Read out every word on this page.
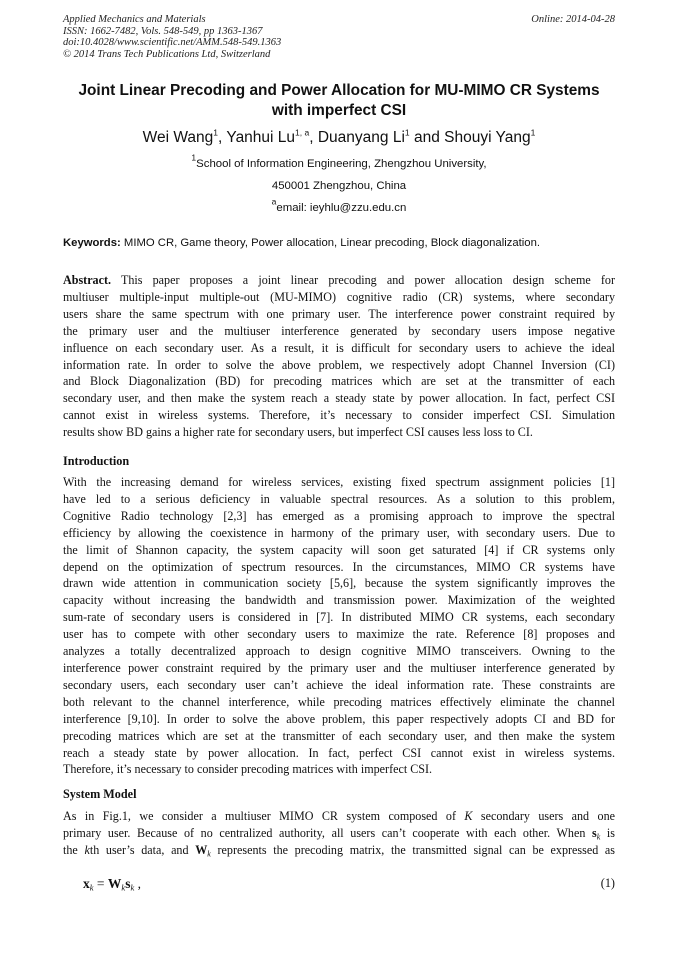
Applied Mechanics and Materials
ISSN: 1662-7482, Vols. 548-549, pp 1363-1367
doi:10.4028/www.scientific.net/AMM.548-549.1363
© 2014 Trans Tech Publications Ltd, Switzerland
Online: 2014-04-28
Joint Linear Precoding and Power Allocation for MU-MIMO CR Systems
with imperfect CSI
Wei Wang$^1$, Yanhui Lu$^{1, a}$, Duanyang Li$^1$ and Shouyi Yang$^1$
$^1$School of Information Engineering, Zhengzhou University,
450001 Zhengzhou, China
$^a$email: ieyhlu@zzu.edu.cn
Keywords: MIMO CR, Game theory, Power allocation, Linear precoding, Block diagonalization.
Abstract. This paper proposes a joint linear precoding and power allocation design scheme for
multiuser multiple-input multiple-out (MU-MIMO) cognitive radio (CR) systems, where secondary
users share the same spectrum with one primary user. The interference power constraint required by
the primary user and the multiuser interference generated by secondary users impose negative
influence on each secondary user. As a result, it is difficult for secondary users to achieve the ideal
information rate. In order to solve the above problem, we respectively adopt Channel Inversion (CI)
and Block Diagonalization (BD) for precoding matrices which are set at the transmitter of each
secondary user, and then make the system reach a steady state by power allocation. In fact, perfect CSI
cannot exist in wireless systems. Therefore, it’s necessary to consider imperfect CSI. Simulation
results show BD gains a higher rate for secondary users, but imperfect CSI causes less loss to CI.
Introduction
With the increasing demand for wireless services, existing fixed spectrum assignment policies [1]
have led to a serious deficiency in valuable spectral resources. As a solution to this problem,
Cognitive Radio technology [2,3] has emerged as a promising approach to improve the spectral
efficiency by allowing the coexistence in harmony of the primary user, with secondary users. Due to
the limit of Shannon capacity, the system capacity will soon get saturated [4] if CR systems only
depend on the optimization of spectrum resources. In the circumstances, MIMO CR systems have
drawn wide attention in communication society [5,6], because the system significantly improves the
capacity without increasing the bandwidth and transmission power. Maximization of the weighted
sum-rate of secondary users is considered in [7]. In distributed MIMO CR systems, each secondary
user has to compete with other secondary users to maximize the rate. Reference [8] proposes and
analyzes a totally decentralized approach to design cognitive MIMO transceivers. Owning to the
interference power constraint required by the primary user and the multiuser interference generated by
secondary users, each secondary user can’t achieve the ideal information rate. These constraints are
both relevant to the channel interference, while precoding matrices effectively eliminate the channel
interference [9,10]. In order to solve the above problem, this paper respectively adopts CI and BD for
precoding matrices which are set at the transmitter of each secondary user, and then make the system
reach a steady state by power allocation. In fact, perfect CSI cannot exist in wireless systems.
Therefore, it’s necessary to consider precoding matrices with imperfect CSI.
System Model
As in Fig.1, we consider a multiuser MIMO CR system composed of K secondary users and one
primary user. Because of no centralized authority, all users can’t cooperate with each other. When $s_k$ is
the kth user’s data, and $W_k$ represents the precoding matrix, the transmitted signal can be expressed as
$x_k = W_ks_k$ ,	(1)
